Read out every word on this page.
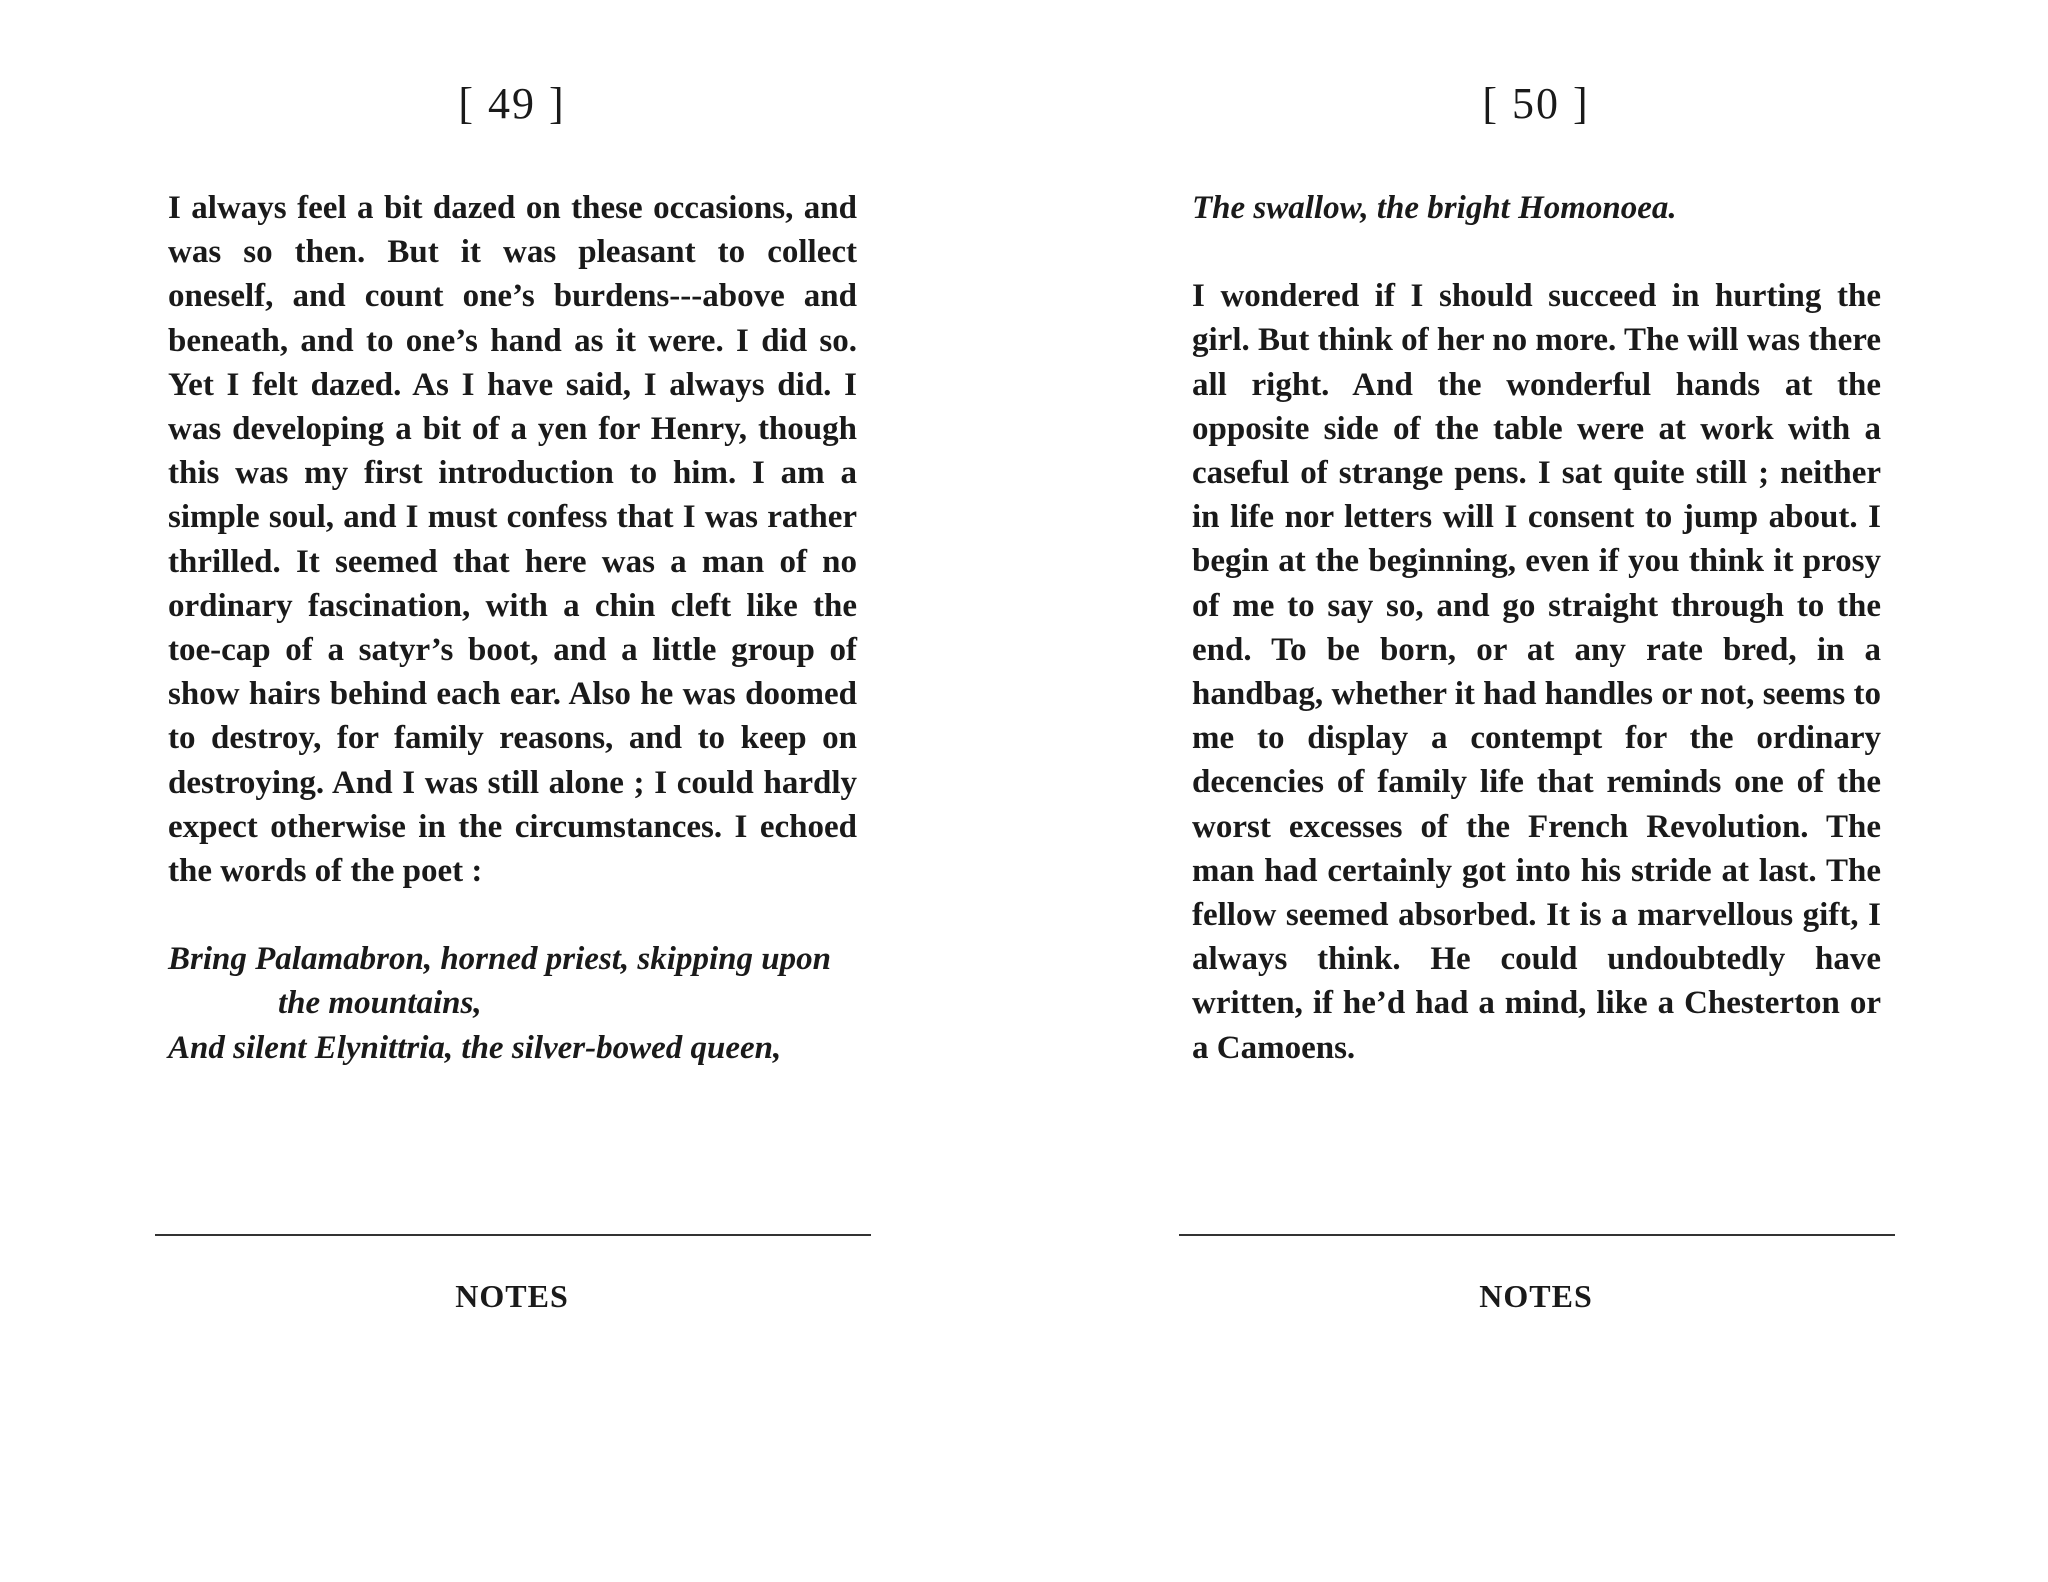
[ 49 ]

I always feel a bit dazed on these occasions, and was so then. But it was pleasant to collect oneself, and count one’s burdens---above and beneath, and to one’s hand as it were. I did so. Yet I felt dazed. As I have said, I always did. I was developing a bit of a yen for Henry, though this was my first introduction to him. I am a simple soul, and I must confess that I was rather thrilled. It seemed that here was a man of no ordinary fascination, with a chin cleft like the toe-cap of a satyr’s boot, and a little group of show hairs behind each ear. Also he was doomed to destroy, for family reasons, and to keep on destroying. And I was still alone ; I could hardly expect otherwise in the circumstances. I echoed the words of the poet :

Bring Palamabron, horned priest, skipping upon
the mountains,
And silent Elynittria, the silver-bowed queen,
NOTES
[ 50 ]
The swallow, the bright Homonoea.

I wondered if I should succeed in hurting the girl. But think of her no more. The will was there all right. And the wonderful hands at the opposite side of the table were at work with a caseful of strange pens. I sat quite still ; neither in life nor letters will I consent to jump about. I begin at the beginning, even if you think it prosy of me to say so, and go straight through to the end. To be born, or at any rate bred, in a handbag, whether it had handles or not, seems to me to display a contempt for the ordinary decencies of family life that reminds one of the worst excesses of the French Revolution. The man had certainly got into his stride at last. The fellow seemed absorbed. It is a marvellous gift, I always think. He could undoubtedly have written, if he’d had a mind, like a Chesterton or a Camoens.

NOTES
